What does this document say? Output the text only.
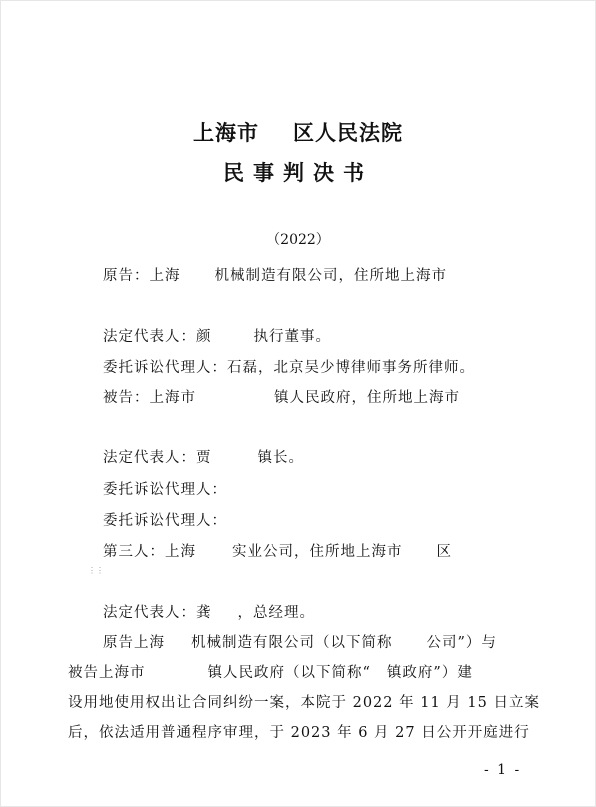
上海市 区人民法院
民事判决书
（2022）
原告：上海 机械制造有限公司，住所地上海市
法定代表人：颜	执行董事。
委托诉讼代理人：石磊，北京吴少博律师事务所律师。
被告：上海市	镇人民政府，住所地上海市
法定代表人：贾	镇长。
委托诉讼代理人：
委托诉讼代理人：
第三人：上海 实业公司，住所地上海市 区
⋮⋮
法定代表人：龚 ，总经理。
原告上海 机械制造有限公司（以下简称 公司”）与
被告上海市	镇人民政府（以下简称“ 镇政府”）建
设用地使用权出让合同纠纷一案，本院于 2022 年 11 月 15 日立案
后，依法适用普通程序审理，于 2023 年 6 月 27 日公开开庭进行
- 1 -
